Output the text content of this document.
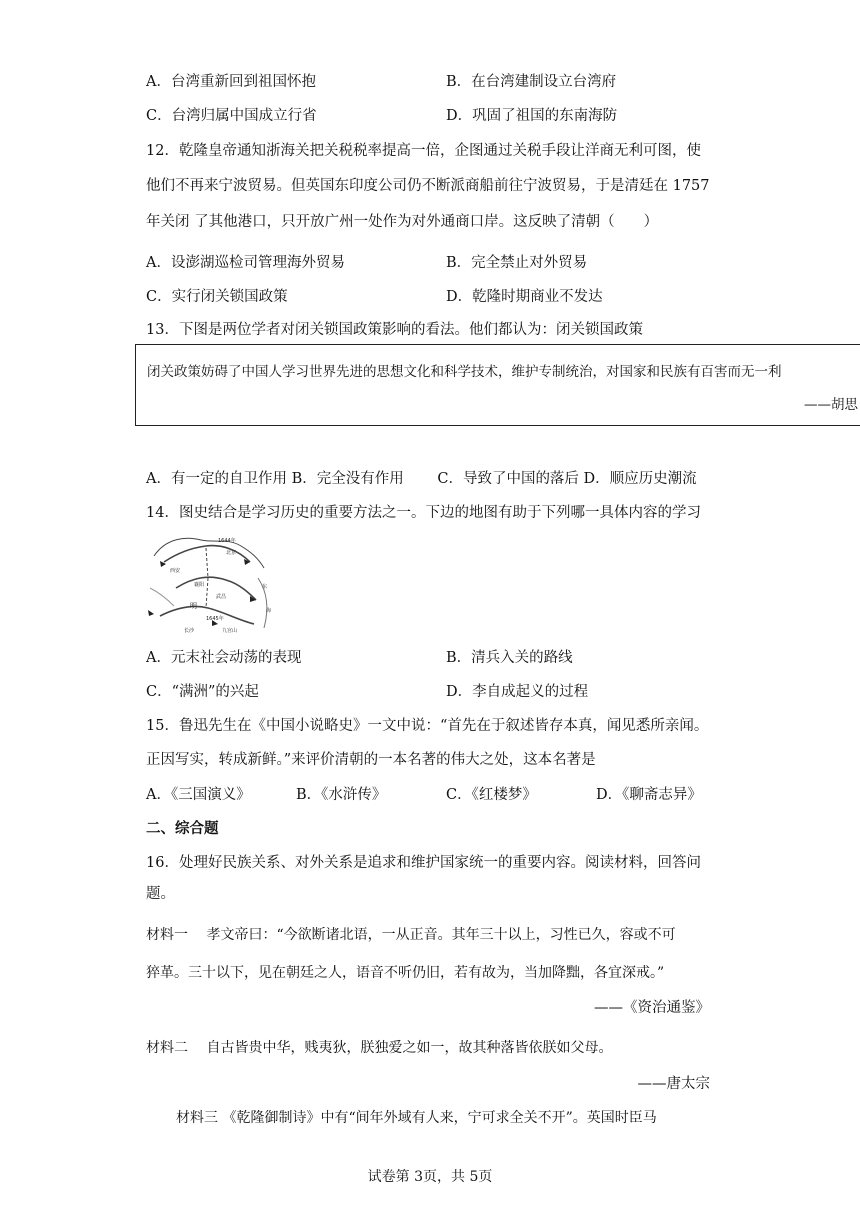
A．台湾重新回到祖国怀抱	B．在台湾建制设立台湾府
C．台湾归属中国成立行省	D．巩固了祖国的东南海防
12．乾隆皇帝通知浙海关把关税税率提高一倍，企图通过关税手段让洋商无利可图，使
他们不再来宁波贸易。但英国东印度公司仍不断派商船前往宁波贸易，于是清廷在 1757
年关闭 了其他港口，只开放广州一处作为对外通商口岸。这反映了清朝（　　）
A．设澎湖巡检司管理海外贸易	B．完全禁止对外贸易
C．实行闭关锁国政策	D．乾隆时期商业不发达
13．下图是两位学者对闭关锁国政策影响的看法。他们都认为：闭关锁国政策
闭关政策妨碍了中国人学习世界先进的思想文化和科学技术，维护专制统治，对国家和民族有百害而无一利
——胡思
A．有一定的自卫作用 B．完全没有作用　　 C．导致了中国的落后 D．顺应历史潮流
14．图史结合是学习历史的重要方法之一。下边的地图有助于下列哪一具体内容的学习
1644年
北京
西安
襄阳
武昌
长沙	九宫山
1645年
明
东
海
A．元末社会动荡的表现	B．清兵入关的路线
C．“满洲”的兴起	D．李自成起义的过程
15．鲁迅先生在《中国小说略史》一文中说：“首先在于叙述皆存本真，闻见悉所亲闻。
正因写实，转成新鲜。”来评价清朝的一本名著的伟大之处，这本名著是
A．《三国演义》	B．《水浒传》	C．《红楼梦》	D．《聊斋志异》
二、综合题
16．处理好民族关系、对外关系是追求和维护国家统一的重要内容。阅读材料，回答问
题。
材料一　 孝文帝曰：“今欲断诸北语，一从正音。其年三十以上，习性已久，容或不可
猝革。三十以下，见在朝廷之人，语音不听仍旧，若有故为，当加降黜，各宜深戒。”
——《资治通鉴》
材料二　 自古皆贵中华，贱夷狄，朕独爱之如一，故其种落皆依朕如父母。
——唐太宗
材料三 《乾隆御制诗》中有“间年外域有人来，宁可求全关不开”。英国时臣马
试卷第 3页，共 5页
